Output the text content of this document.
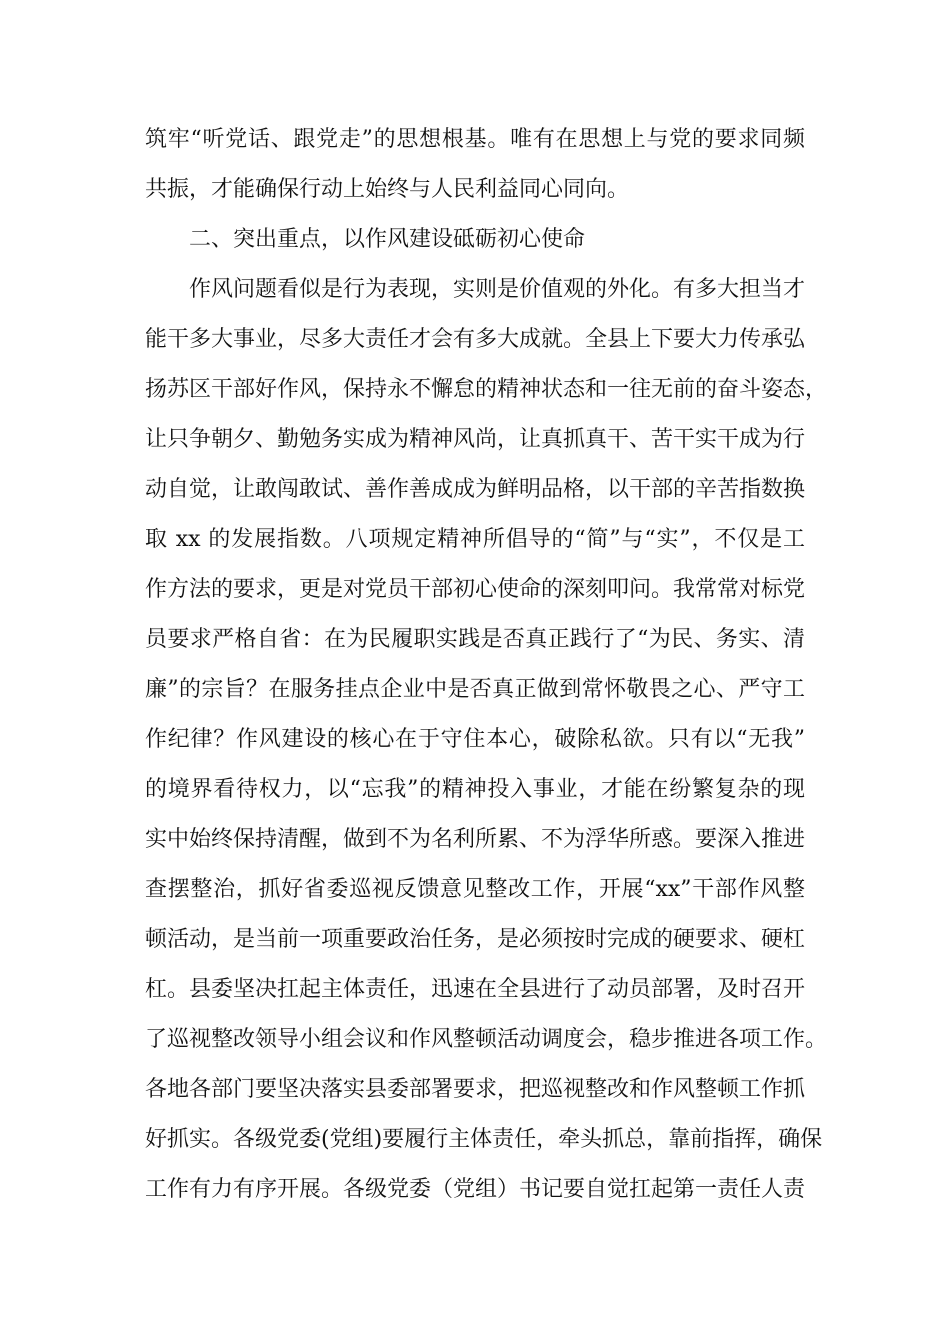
筑牢“听党话、跟党走”的思想根基。唯有在思想上与党的要求同频
共振，才能确保行动上始终与人民利益同心同向。
二、突出重点，以作风建设砥砺初心使命
作风问题看似是行为表现，实则是价值观的外化。有多大担当才
能干多大事业，尽多大责任才会有多大成就。全县上下要大力传承弘
扬苏区干部好作风，保持永不懈怠的精神状态和一往无前的奋斗姿态，
让只争朝夕、勤勉务实成为精神风尚，让真抓真干、苦干实干成为行
动自觉，让敢闯敢试、善作善成成为鲜明品格，以干部的辛苦指数换
取 xx 的发展指数。八项规定精神所倡导的“简”与“实”，不仅是工
作方法的要求，更是对党员干部初心使命的深刻叩问。我常常对标党
员要求严格自省：在为民履职实践是否真正践行了“为民、务实、清
廉”的宗旨？在服务挂点企业中是否真正做到常怀敬畏之心、严守工
作纪律？作风建设的核心在于守住本心，破除私欲。只有以“无我”
的境界看待权力，以“忘我”的精神投入事业，才能在纷繁复杂的现
实中始终保持清醒，做到不为名利所累、不为浮华所惑。要深入推进
查摆整治，抓好省委巡视反馈意见整改工作，开展“xx”干部作风整
顿活动，是当前一项重要政治任务，是必须按时完成的硬要求、硬杠
杠。县委坚决扛起主体责任，迅速在全县进行了动员部署，及时召开
了巡视整改领导小组会议和作风整顿活动调度会，稳步推进各项工作。
各地各部门要坚决落实县委部署要求，把巡视整改和作风整顿工作抓
好抓实。各级党委(党组)要履行主体责任，牵头抓总，靠前指挥，确保
工作有力有序开展。各级党委（党组）书记要自觉扛起第一责任人责
